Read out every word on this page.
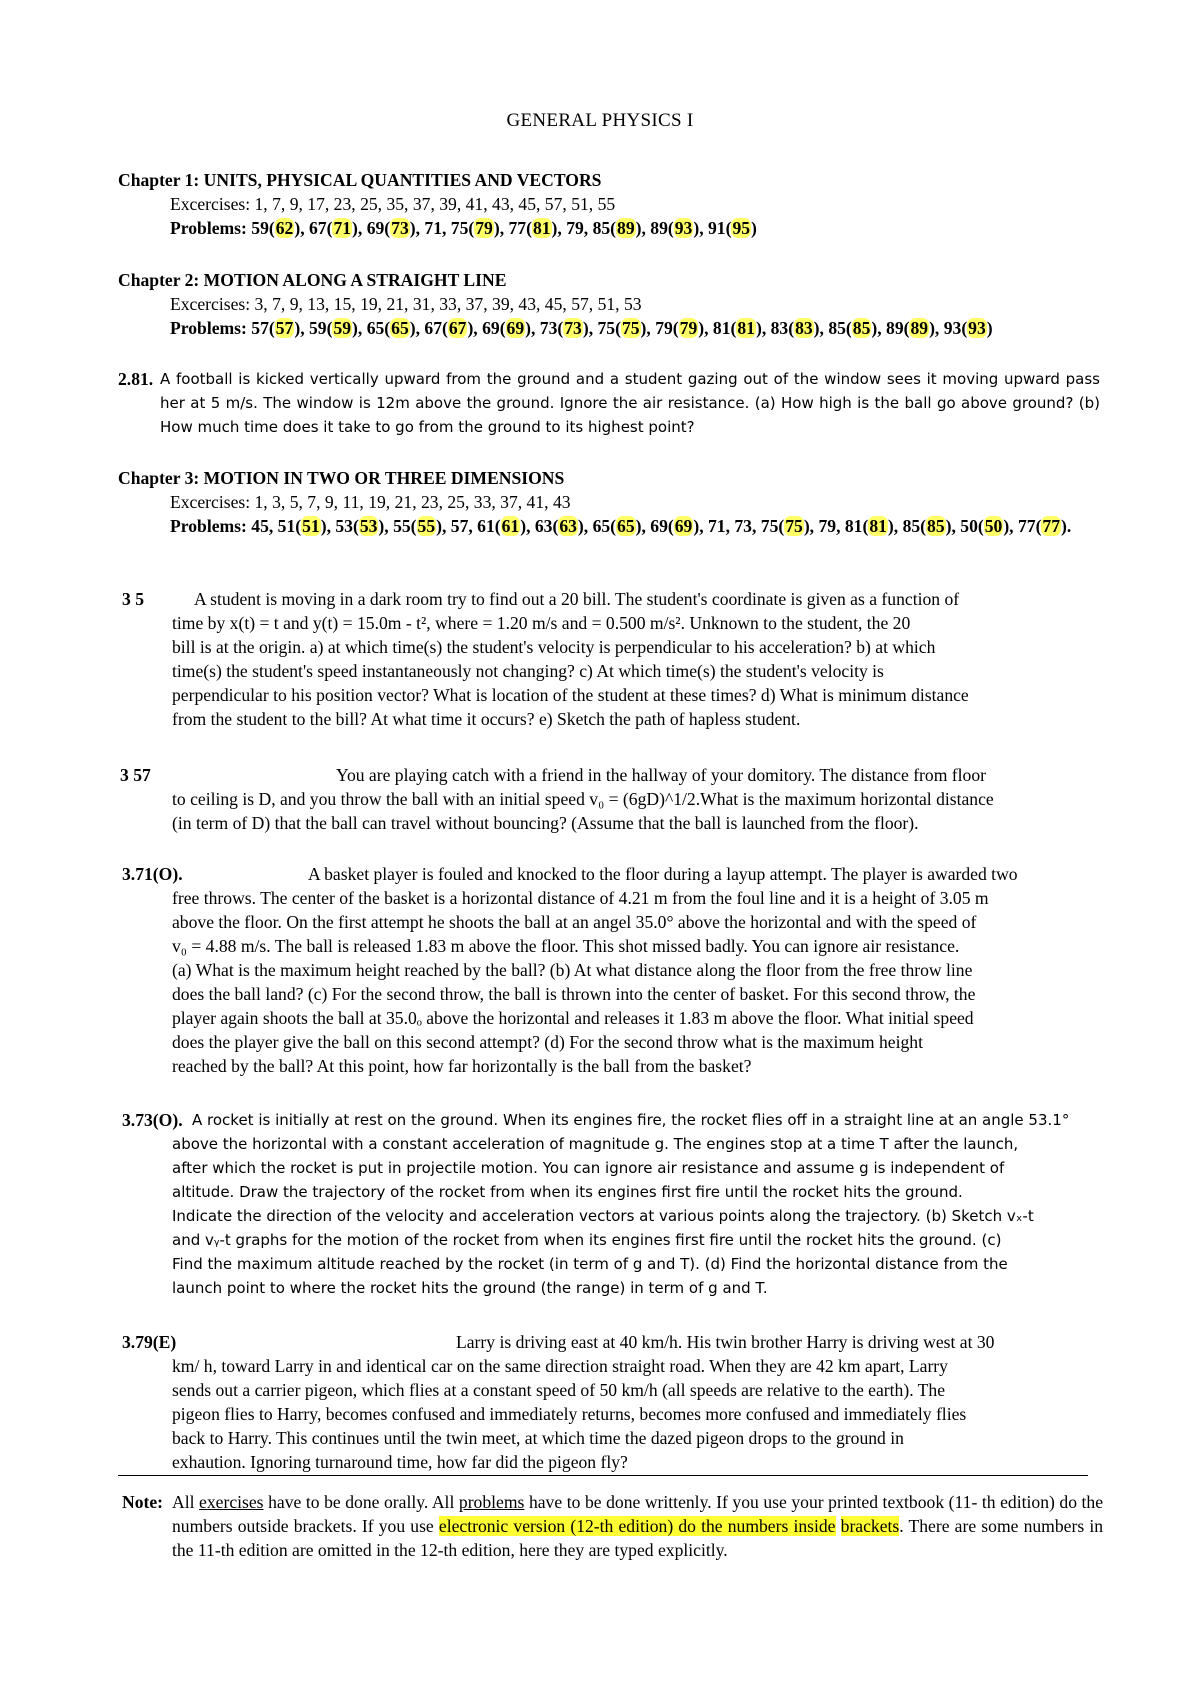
GENERAL PHYSICS I
Chapter 1: UNITS, PHYSICAL QUANTITIES AND VECTORS
Excercises: 1, 7, 9, 17, 23, 25, 35, 37, 39, 41, 43, 45, 57, 51, 55
Problems: 59(62), 67(71), 69(73), 71, 75(79), 77(81), 79, 85(89), 89(93), 91(95)
Chapter 2: MOTION ALONG A STRAIGHT LINE
Excercises: 3, 7, 9, 13, 15, 19, 21, 31, 33, 37, 39, 43, 45, 57, 51, 53
Problems: 57(57), 59(59), 65(65), 67(67), 69(69), 73(73), 75(75), 79(79), 81(81), 83(83), 85(85), 89(89), 93(93)
2.81. A football is kicked vertically upward from the ground and a student gazing out of the window sees it moving upward pass her at 5 m/s. The window is 12m above the ground. Ignore the air resistance. (a) How high is the ball go above ground? (b) How much time does it take to go from the ground to its highest point?
Chapter 3: MOTION IN TWO OR THREE DIMENSIONS
Excercises: 1, 3, 5, 7, 9, 11, 19, 21, 23, 25, 33, 37, 41, 43
Problems: 45, 51(51), 53(53), 55(55), 57, 61(61), 63(63), 65(65), 69(69), 71, 73, 75(75), 79, 81(81), 85(85), 50(50), 77(77).
3 5	A student is moving in a dark room try to find out a 20 bill. The student's coordinate is given as a function of
time by x(t) = t and y(t) = 15.0m - t², where = 1.20 m/s and = 0.500 m/s². Unknown to the student, the 20
bill is at the origin. a) at which time(s) the student's velocity is perpendicular to his acceleration? b) at which
time(s) the student's speed instantaneously not changing? c) At which time(s) the student's velocity is
perpendicular to his position vector? What is location of the student at these times? d) What is minimum distance
from the student to the bill? At what time it occurs? e) Sketch the path of hapless student.
3 57	You are playing catch with a friend in the hallway of your domitory. The distance from floor
to ceiling is D, and you throw the ball with an initial speed v₀ = (6gD)^1/2.What is the maximum horizontal distance
(in term of D) that the ball can travel without bouncing? (Assume that the ball is launched from the floor).
3.71(O).	A basket player is fouled and knocked to the floor during a layup attempt. The player is awarded two
free throws. The center of the basket is a horizontal distance of 4.21 m from the foul line and it is a height of 3.05 m
above the floor. On the first attempt he shoots the ball at an angel 35.0° above the horizontal and with the speed of
v₀ = 4.88 m/s. The ball is released 1.83 m above the floor. This shot missed badly. You can ignore air resistance.
(a) What is the maximum height reached by the ball? (b) At what distance along the floor from the free throw line
does the ball land? (c) For the second throw, the ball is thrown into the center of basket. For this second throw, the
player again shoots the ball at 35.0ₒ above the horizontal and releases it 1.83 m above the floor. What initial speed
does the player give the ball on this second attempt? (d) For the second throw what is the maximum height
reached by the ball? At this point, how far horizontally is the ball from the basket?
3.73(O). A rocket is initially at rest on the ground. When its engines fire, the rocket flies off in a straight line at an angle 53.1°
above the horizontal with a constant acceleration of magnitude g. The engines stop at a time T after the launch,
after which the rocket is put in projectile motion. You can ignore air resistance and assume g is independent of
altitude. Draw the trajectory of the rocket from when its engines first fire until the rocket hits the ground.
Indicate the direction of the velocity and acceleration vectors at various points along the trajectory. (b) Sketch vₓ-t
and vᵧ-t graphs for the motion of the rocket from when its engines first fire until the rocket hits the ground. (c)
Find the maximum altitude reached by the rocket (in term of g and T). (d) Find the horizontal distance from the
launch point to where the rocket hits the ground (the range) in term of g and T.
3.79(E)	Larry is driving east at 40 km/h. His twin brother Harry is driving west at 30
km/ h, toward Larry in and identical car on the same direction straight road. When they are 42 km apart, Larry
sends out a carrier pigeon, which flies at a constant speed of 50 km/h (all speeds are relative to the earth). The
pigeon flies to Harry, becomes confused and immediately returns, becomes more confused and immediately flies
back to Harry. This continues until the twin meet, at which time the dazed pigeon drops to the ground in
exhaution. Ignoring turnaround time, how far did the pigeon fly?
Note: All exercises have to be done orally. All problems have to be done writtenly. If you use your printed textbook (11- th edition) do the numbers outside brackets. If you use electronic version (12-th edition) do the numbers inside brackets. There are some numbers in the 11-th edition are omitted in the 12-th edition, here they are typed explicitly.
